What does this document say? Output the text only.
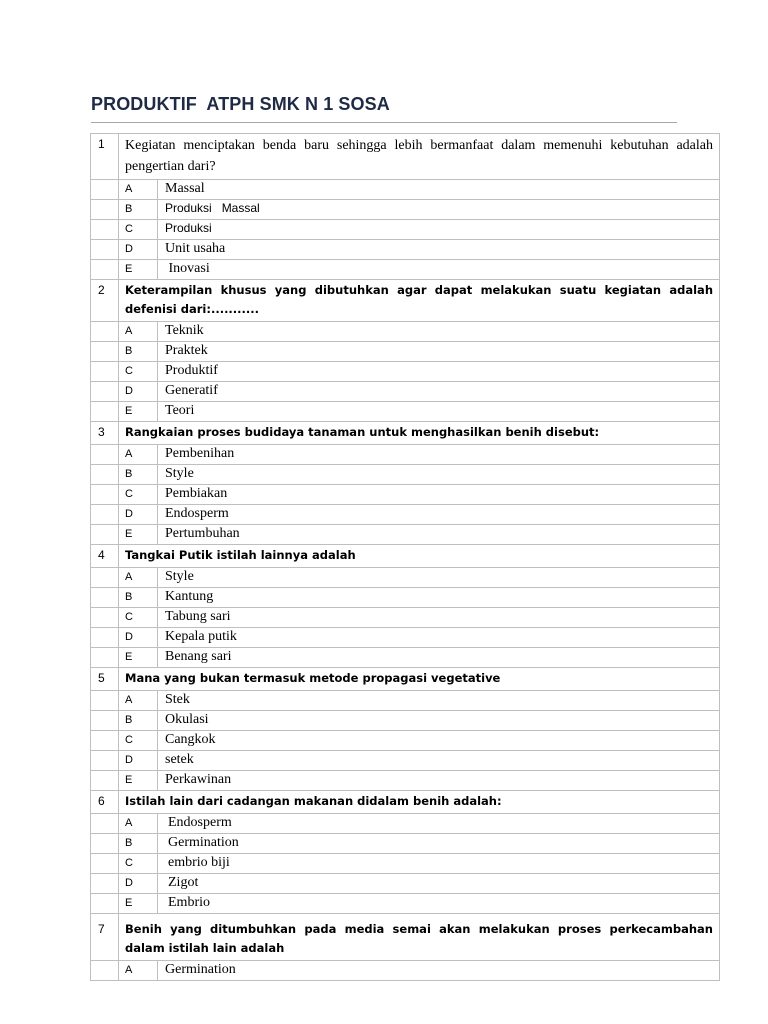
PRODUKTIF  ATPH SMK N 1 SOSA
1	Kegiatan menciptakan benda baru sehingga lebih bermanfaat dalam memenuhi kebutuhan adalah pengertian dari?	
	A	Massal
	B	Produksi   Massal
	C	Produksi
	D	Unit usaha
	E	Inovasi
2	Keterampilan khusus yang dibutuhkan agar dapat melakukan suatu kegiatan adalah defenisi dari:...........	
	A	Teknik
	B	Praktek
	C	Produktif
	D	Generatif
	E	Teori
3	Rangkaian proses budidaya tanaman untuk menghasilkan benih disebut:	
	A	Pembenihan
	B	Style
	C	Pembiakan
	D	Endosperm
	E	Pertumbuhan
4	Tangkai Putik istilah lainnya adalah	
	A	Style
	B	Kantung
	C	Tabung sari
	D	Kepala putik
	E	Benang sari
5	Mana yang bukan termasuk metode propagasi vegetative	
	A	Stek
	B	Okulasi
	C	Cangkok
	D	setek
	E	Perkawinan
6	Istilah lain dari cadangan makanan didalam benih adalah:	
	A	Endosperm
	B	Germination
	C	embrio biji
	D	Zigot
	E	Embrio
7	Benih yang ditumbuhkan pada media semai akan melakukan proses perkecambahan dalam istilah lain adalah	
	A	Germination
